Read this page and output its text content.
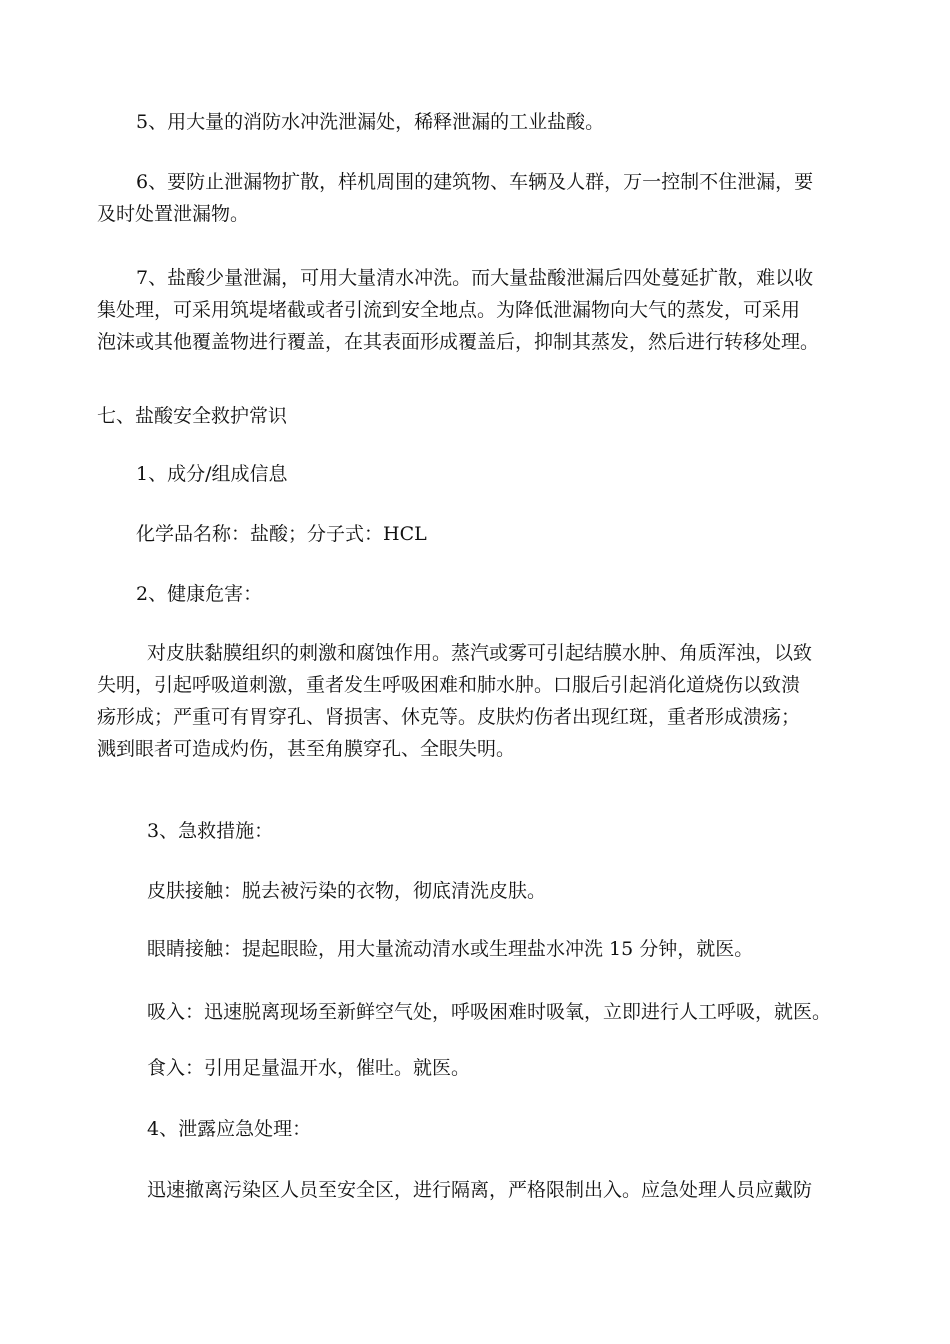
5、用大量的消防水冲洗泄漏处，稀释泄漏的工业盐酸。

6、要防止泄漏物扩散，样机周围的建筑物、车辆及人群，万一控制不住泄漏，要
及时处置泄漏物。
7、盐酸少量泄漏，可用大量清水冲洗。而大量盐酸泄漏后四处蔓延扩散，难以收
集处理，可采用筑堤堵截或者引流到安全地点。为降低泄漏物向大气的蒸发，可采用
泡沫或其他覆盖物进行覆盖，在其表面形成覆盖后，抑制其蒸发，然后进行转移处理。

七、盐酸安全救护常识

1、成分/组成信息

化学品名称：盐酸；分子式：HCL

2、健康危害：

对皮肤黏膜组织的刺激和腐蚀作用。蒸汽或雾可引起结膜水肿、角质浑浊，以致
失明，引起呼吸道刺激，重者发生呼吸困难和肺水肿。口服后引起消化道烧伤以致溃
疡形成；严重可有胃穿孔、肾损害、休克等。皮肤灼伤者出现红斑，重者形成溃疡；
溅到眼者可造成灼伤，甚至角膜穿孔、全眼失明。

3、急救措施：

皮肤接触：脱去被污染的衣物，彻底清洗皮肤。

眼睛接触：提起眼睑，用大量流动清水或生理盐水冲洗 15 分钟，就医。

吸入：迅速脱离现场至新鲜空气处，呼吸困难时吸氧，立即进行人工呼吸，就医。

食入：引用足量温开水，催吐。就医。

4、泄露应急处理：

迅速撤离污染区人员至安全区，进行隔离，严格限制出入。应急处理人员应戴防
